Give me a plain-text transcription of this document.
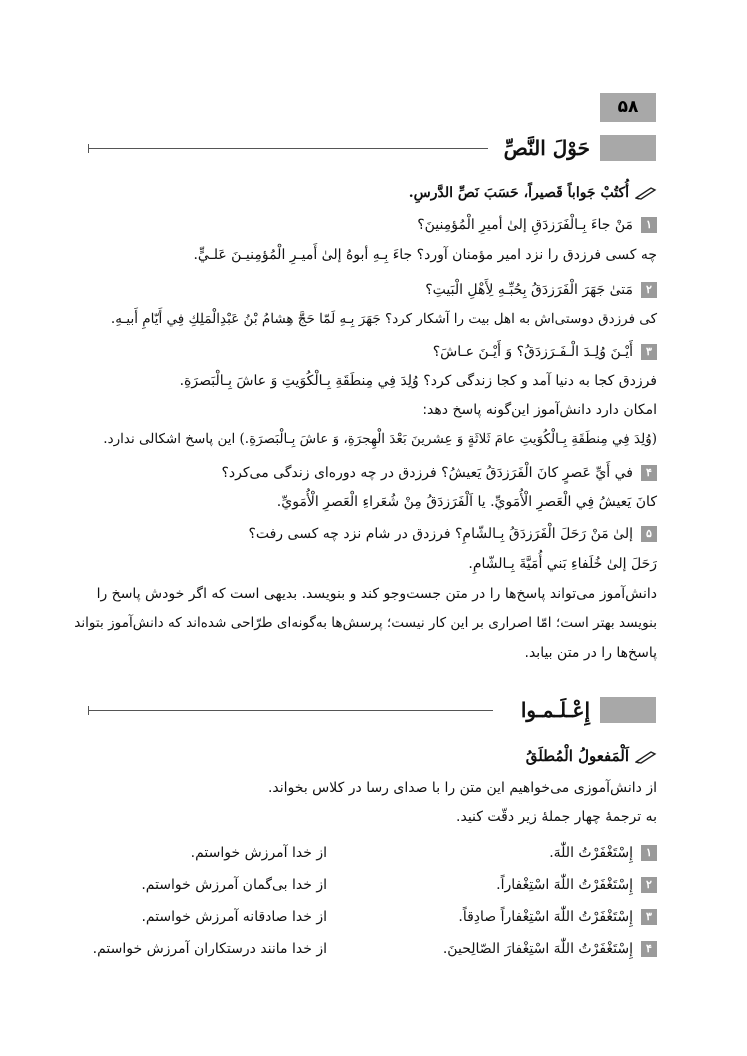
۵۸
حَوْلَ النَّصِّ
أُكتُبْ جَواباً قَصيراً، حَسَبَ نَصِّ الدَّرسِ.
۱مَنْ جاءَ بِـالْفَرَزدَقِ إلیٰ أميرِ الْمُؤمِنينَ؟
چه کسی فرزدق را نزد امیر مؤمنان آورد؟ جاءَ بِـهِ أبوهُ إلیٰ أَمیـرِ الْمُؤمِنیـنَ عَلـيٍّ.
۲مَتیٰ جَهَرَ الْفَرَزدَقُ بِحُبِّـهِ لِأَهْلِ الْبَيتِ؟
کی فرزدق دوستی‌اش به اهل بیت را آشکار کرد؟ جَهَرَ بِـهِ لَمّا حَجَّ هِشامُ بْنُ عَبْدِالْمَلِكِ فِي أَيّامِ أَبيـهِ.
۳أَيْـنَ وُلِـدَ الْـفَـرَزدَقُ؟ وَ أَيْـنَ عـاشَ؟
فرزدق کجا به دنیا آمد و کجا زندگی کرد؟ وُلِدَ فِي مِنطَقَةِ بِـالْكُوَيتِ وَ عاشَ بِـالْبَصرَةِ.
امکان دارد دانش‌آموز این‌گونه پاسخ دهد:
(وُلِدَ فِي مِنطَقَةِ بِـالْكُوَيتِ عامَ ثَلاثَةٍ وَ عِشرينَ بَعْدَ الْهِجرَةِ، وَ عاشَ بِـالْبَصرَةِ.) این پاسخ اشکالی ندارد.
۴في أَيِّ عَصرٍ كانَ الْفَرَزدَقُ يَعيشُ؟ فرزدق در چه دوره‌ای زندگی می‌کرد؟
كانَ يَعيشُ فِي الْعَصرِ الْأُمَويِّ. يا اَلْفَرَزدَقُ مِنْ شُعَراءِ الْعَصرِ الْأُمَويِّ.
۵إلیٰ مَنْ رَحَلَ الْفَرَزدَقُ بِـالشّامِ؟ فرزدق در شام نزد چه کسی رفت؟
رَحَلَ إلیٰ خُلَفاءِ بَني أُمَيَّةَ بِـالشّامِ.
دانش‌آموز می‌تواند پاسخ‌ها را در متن جست‌وجو کند و بنویسد. بدیهی است که اگر خودش پاسخ را
بنویسد بهتر است؛ امّا اصراری بر این کار نیست؛ پرسش‌ها به‌گونه‌ای طرّاحی شده‌اند که دانش‌آموز بتواند
پاسخ‌ها را در متن بیابد.
إِعْـلَـمـوا
اَلْمَفعولُ الْمُطلَقُ
از دانش‌آموزی می‌خواهیم این متن را با صدای رسا در کلاس بخواند.
به ترجمهٔ چهار جملهٔ زیر دقّت کنید.
۱إِسْتَغْفَرْتُ اللّٰهَ.
از خدا آمرزش خواستم.
۲إِسْتَغْفَرْتُ اللّٰهَ اسْتِغْفاراً.
از خدا بی‌گمان آمرزش خواستم.
۳إِسْتَغْفَرْتُ اللّٰهَ اسْتِغْفاراً صادِقاً.
از خدا صادقانه آمرزش خواستم.
۴إِسْتَغْفَرْتُ اللّٰهَ اسْتِغْفارَ الصّالِحينَ.
از خدا مانند درستکاران آمرزش خواستم.
